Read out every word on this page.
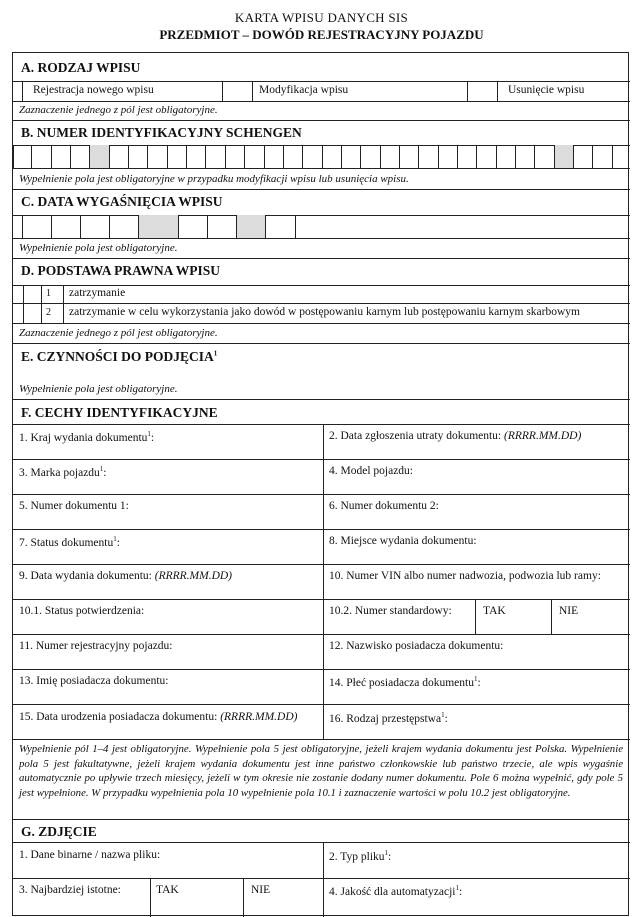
KARTA WPISU DANYCH SIS
PRZEDMIOT – DOWÓD REJESTRACYJNY POJAZDU
A. RODZAJ WPISU
Rejestracja nowego wpisu	Modyfikacja wpisu	Usunięcie wpisu
Zaznaczenie jednego z pól jest obligatoryjne.
B. NUMER IDENTYFIKACYJNY SCHENGEN
Wypełnienie pola jest obligatoryjne w przypadku modyfikacji wpisu lub usunięcia wpisu.
C. DATA WYGAŚNIĘCIA WPISU
Wypełnienie pola jest obligatoryjne.
D. PODSTAWA PRAWNA WPISU
1 zatrzymanie
2 zatrzymanie w celu wykorzystania jako dowód w postępowaniu karnym lub postępowaniu karnym skarbowym
Zaznaczenie jednego z pól jest obligatoryjne.
E. CZYNNOŚCI DO PODJĘCIA$^1$
Wypełnienie pola jest obligatoryjne.
F. CECHY IDENTYFIKACYJNE
1. Kraj wydania dokumentu$^1$:	2. Data zgłoszenia utraty dokumentu: (RRRR.MM.DD)
3. Marka pojazdu$^1$:	4. Model pojazdu:
5. Numer dokumentu 1:	6. Numer dokumentu 2:
7. Status dokumentu$^1$:	8. Miejsce wydania dokumentu:
9. Data wydania dokumentu: (RRRR.MM.DD)	10. Numer VIN albo numer nadwozia, podwozia lub ramy:
10.1. Status potwierdzenia:	10.2. Numer standardowy:	TAK	NIE
11. Numer rejestracyjny pojazdu:	12. Nazwisko posiadacza dokumentu:
13. Imię posiadacza dokumentu:	14. Płeć posiadacza dokumentu$^1$:
15. Data urodzenia posiadacza dokumentu: (RRRR.MM.DD)	16. Rodzaj przestępstwa$^1$:
Wypełnienie pól 1–4 jest obligatoryjne. Wypełnienie pola 5 jest obligatoryjne, jeżeli krajem wydania dokumentu jest Polska. Wypełnienie pola 5 jest fakultatywne, jeżeli krajem wydania dokumentu jest inne państwo członkowskie lub państwo trzecie, ale wpis wygaśnie automatycznie po upływie trzech miesięcy, jeżeli w tym okresie nie zostanie dodany numer dokumentu. Pole 6 można wypełnić, gdy pole 5 jest wypełnione. W przypadku wypełnienia pola 10 wypełnienie pola 10.1 i zaznaczenie wartości w polu 10.2 jest obligatoryjne.
G. ZDJĘCIE
1. Dane binarne / nazwa pliku:	2. Typ pliku$^1$:
3. Najbardziej istotne:	TAK	NIE	4. Jakość dla automatyzacji$^1$:
